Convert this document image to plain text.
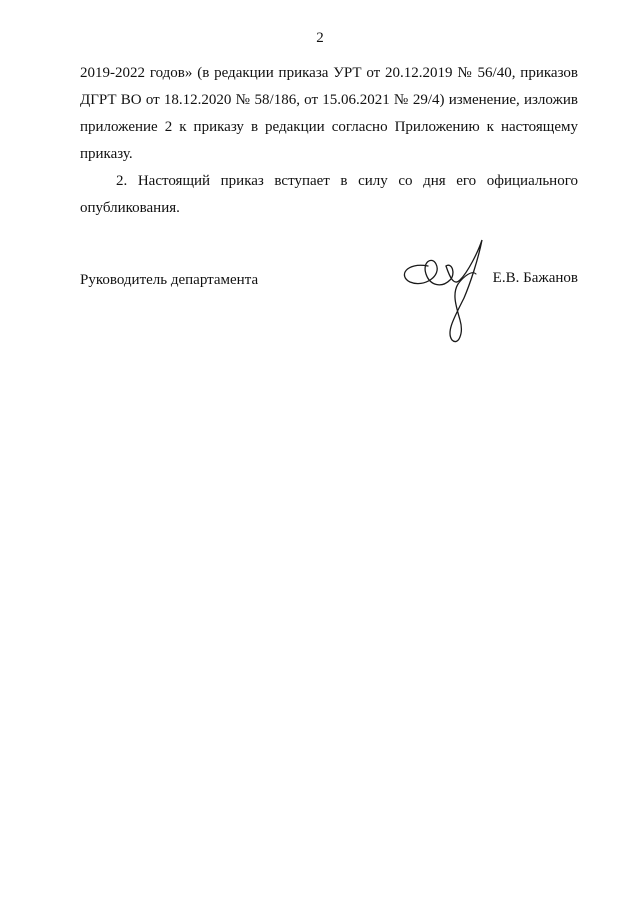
2

2019-2022 годов» (в редакции приказа УРТ от 20.12.2019 № 56/40, приказов ДГРТ ВО от 18.12.2020 № 58/186, от 15.06.2021 № 29/4) изменение, изложив приложение 2 к приказу в редакции согласно Приложению к настоящему приказу.

2. Настоящий приказ вступает в силу со дня его официального опубликования.

Руководитель департамента	Е.В. Бажанов
